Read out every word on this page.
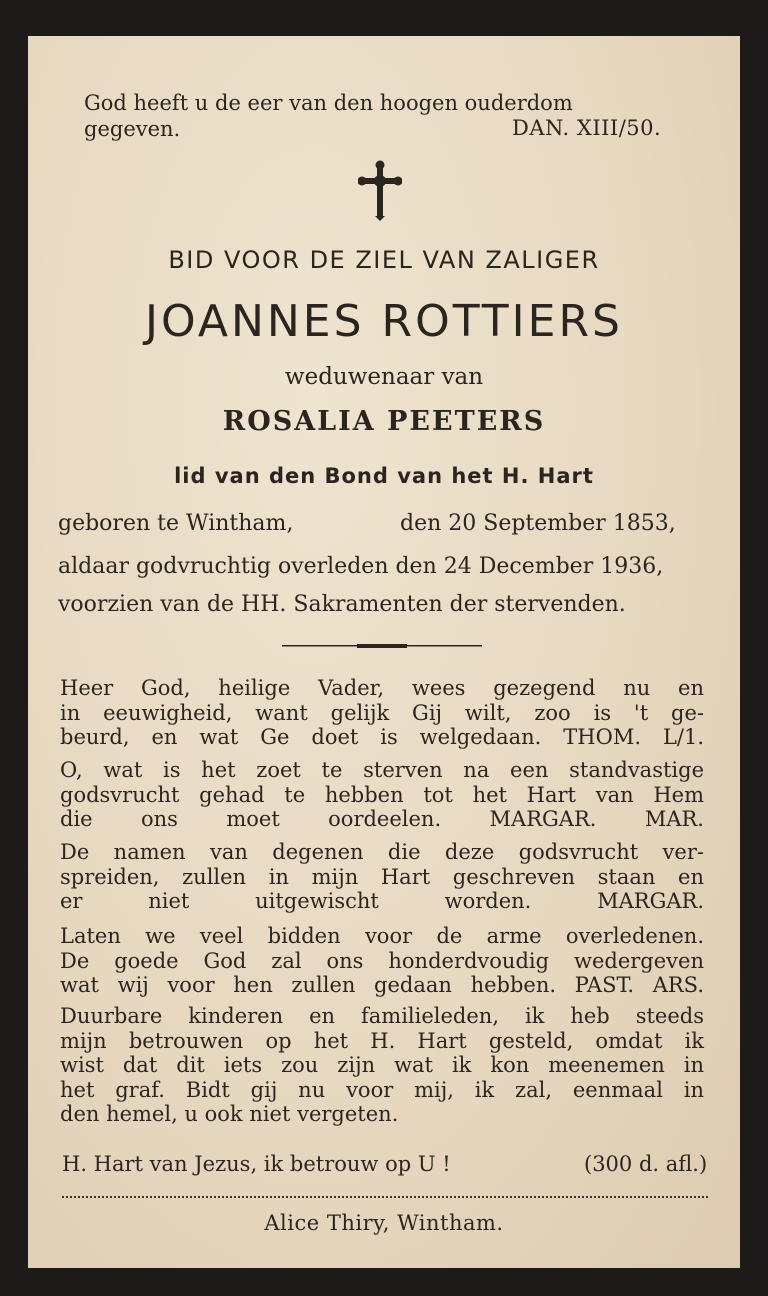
God heeft u de eer van den hoogen ouderdom
gegeven.	DAN. XIII/50.
BID VOOR DE ZIEL VAN ZALIGER
JOANNES ROTTIERS
weduwenaar van
ROSALIA PEETERS
lid van den Bond van het H. Hart
geboren te Wintham,	den 20 September 1853,
aldaar godvruchtig overleden den 24 December 1936,
voorzien van de HH. Sakramenten der stervenden.
Heer God, heilige Vader, wees gezegend nu en
in eeuwigheid, want gelijk Gij wilt, zoo is 't ge-
beurd, en wat Ge doet is welgedaan. THOM. L/1.
O, wat is het zoet te sterven na een standvastige
godsvrucht gehad te hebben tot het Hart van Hem
die ons moet oordeelen. MARGAR. MAR.
De namen van degenen die deze godsvrucht ver-
spreiden, zullen in mijn Hart geschreven staan en
er niet uitgewischt worden. MARGAR.
Laten we veel bidden voor de arme overledenen.
De goede God zal ons honderdvoudig wedergeven
wat wij voor hen zullen gedaan hebben. PAST. ARS.
Duurbare kinderen en familieleden, ik heb steeds
mijn betrouwen op het H. Hart gesteld, omdat ik
wist dat dit iets zou zijn wat ik kon meenemen in
het graf. Bidt gij nu voor mij, ik zal, eenmaal in
den hemel, u ook niet vergeten.
H. Hart van Jezus, ik betrouw op U !	(300 d. afl.)
Alice Thiry, Wintham.
